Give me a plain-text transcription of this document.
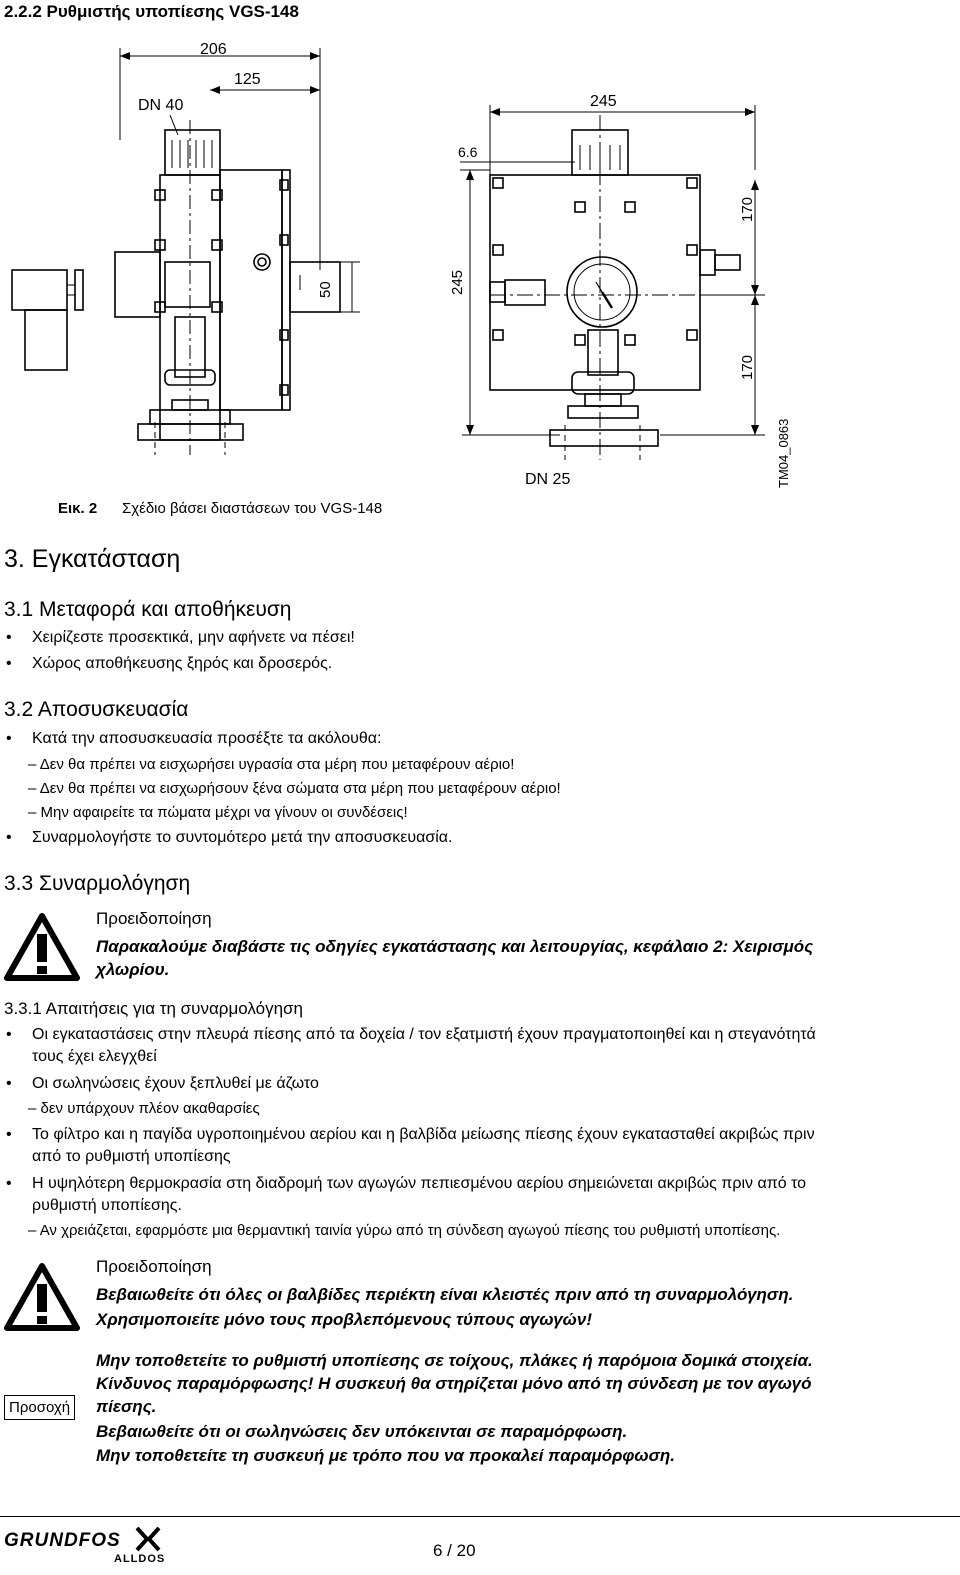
2.2.2 Ρυθμιστής υποπίεσης VGS-148
206
125
DN 40
50
245
6.6
245
170
170
TM04_0863
DN 25
Εικ. 2 Σχέδιο βάσει διαστάσεων του VGS-148
3. Εγκατάσταση
3.1 Μεταφορά και αποθήκευση
• Χειρίζεστε προσεκτικά, μην αφήνετε να πέσει!
• Χώρος αποθήκευσης ξηρός και δροσερός.
3.2 Αποσυσκευασία
• Κατά την αποσυσκευασία προσέξτε τα ακόλουθα:
– Δεν θα πρέπει να εισχωρήσει υγρασία στα μέρη που μεταφέρουν αέριο!
– Δεν θα πρέπει να εισχωρήσουν ξένα σώματα στα μέρη που μεταφέρουν αέριο!
– Μην αφαιρείτε τα πώματα μέχρι να γίνουν οι συνδέσεις!
• Συναρμολογήστε το συντομότερο μετά την αποσυσκευασία.
3.3 Συναρμολόγηση
Προειδοποίηση
Παρακαλούμε διαβάστε τις οδηγίες εγκατάστασης και λειτουργίας, κεφάλαιο 2: Χειρισμός
χλωρίου.
3.3.1 Απαιτήσεις για τη συναρμολόγηση
• Οι εγκαταστάσεις στην πλευρά πίεσης από τα δοχεία / τον εξατμιστή έχουν πραγματοποιηθεί και η στεγανότητά
τους έχει ελεγχθεί
• Οι σωληνώσεις έχουν ξεπλυθεί με άζωτο
– δεν υπάρχουν πλέον ακαθαρσίες
• Το φίλτρο και η παγίδα υγροποιημένου αερίου και η βαλβίδα μείωσης πίεσης έχουν εγκατασταθεί ακριβώς πριν
από το ρυθμιστή υποπίεσης
• Η υψηλότερη θερμοκρασία στη διαδρομή των αγωγών πεπιεσμένου αερίου σημειώνεται ακριβώς πριν από το
ρυθμιστή υποπίεσης.
– Αν χρειάζεται, εφαρμόστε μια θερμαντική ταινία γύρω από τη σύνδεση αγωγού πίεσης του ρυθμιστή υποπίεσης.
Προειδοποίηση
Βεβαιωθείτε ότι όλες οι βαλβίδες περιέκτη είναι κλειστές πριν από τη συναρμολόγηση.
Χρησιμοποιείτε μόνο τους προβλεπόμενους τύπους αγωγών!
Προσοχή
Μην τοποθετείτε το ρυθμιστή υποπίεσης σε τοίχους, πλάκες ή παρόμοια δομικά στοιχεία.
Κίνδυνος παραμόρφωσης! Η συσκευή θα στηρίζεται μόνο από τη σύνδεση με τον αγωγό
πίεσης.
Βεβαιωθείτε ότι οι σωληνώσεις δεν υπόκεινται σε παραμόρφωση.
Μην τοποθετείτε τη συσκευή με τρόπο που να προκαλεί παραμόρφωση.
GRUNDFOS
ALLDOS	6 / 20
